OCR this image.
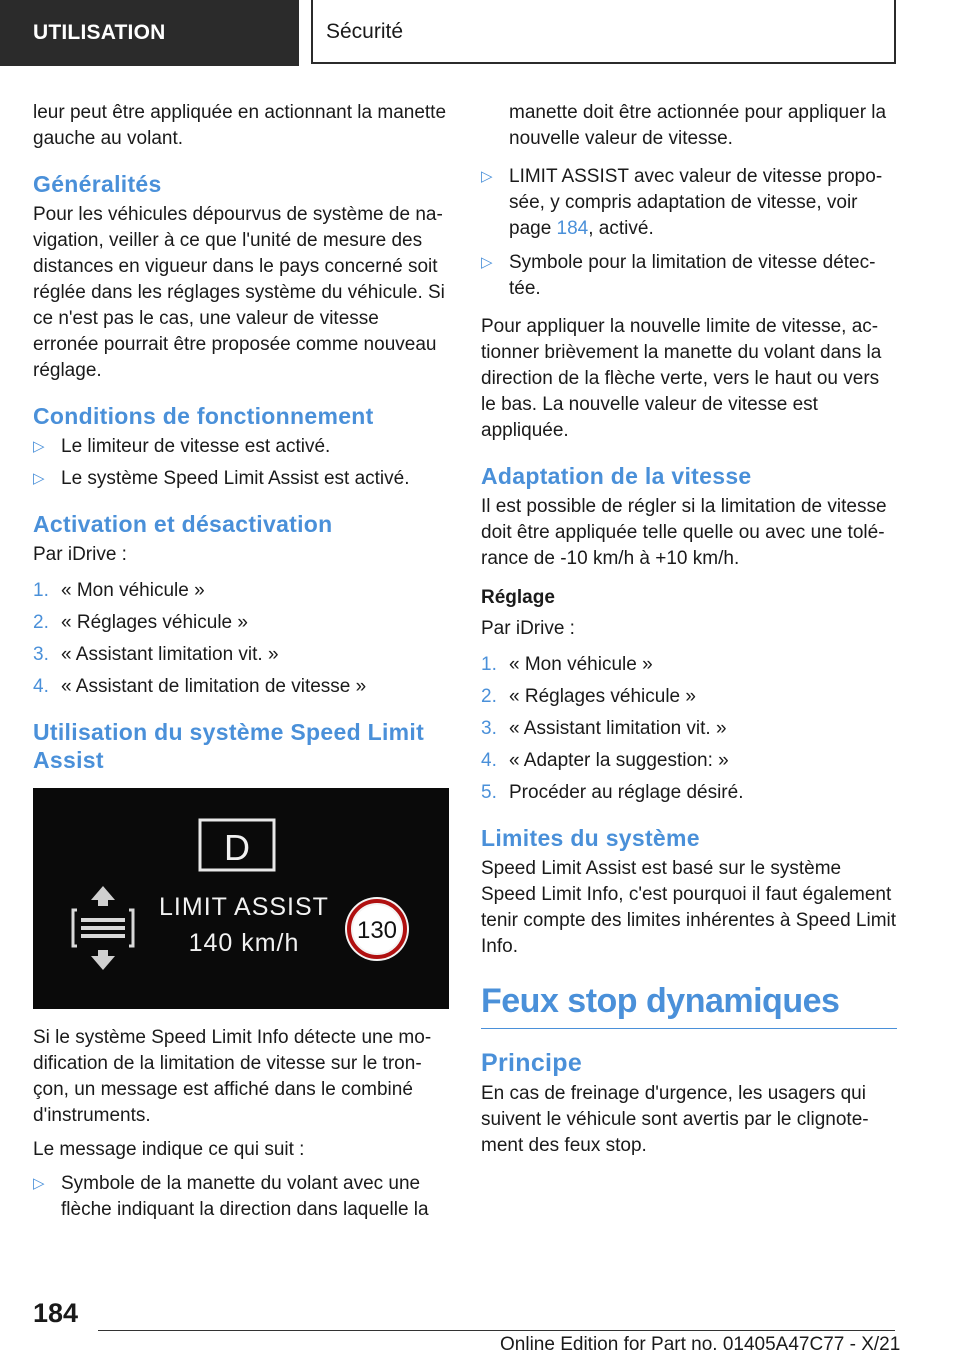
UTILISATION	Sécurité

leur peut être appliquée en actionnant la manette gauche au volant.

Généralités

Pour les véhicules dépourvus de système de navigation, veiller à ce que l'unité de mesure des distances en vigueur dans le pays concerné soit réglée dans les réglages système du véhicule. Si ce n'est pas le cas, une valeur de vitesse erronée pourrait être proposée comme nouveau réglage.

Conditions de fonctionnement
▷ Le limiteur de vitesse est activé.
▷ Le système Speed Limit Assist est activé.
Activation et désactivation

Par iDrive :

1. « Mon véhicule »
2. « Réglages véhicule »
3. « Assistant limitation vit. »
4. « Assistant de limitation de vitesse »
Utilisation du système Speed Limit Assist
D
LIMIT ASSIST
140 km/h 130

Si le système Speed Limit Info détecte une modification de la limitation de vitesse sur le tronçon, un message est affiché dans le combiné d'instruments.

Le message indique ce qui suit :

▷ Symbole de la manette du volant avec une flèche indiquant la direction dans laquelle la
manette doit être actionnée pour appliquer la nouvelle valeur de vitesse.
▷ LIMIT ASSIST avec valeur de vitesse proposée, y compris adaptation de vitesse, voir page 184, activé.
▷ Symbole pour la limitation de vitesse détectée.

Pour appliquer la nouvelle limite de vitesse, actionner brièvement la manette du volant dans la direction de la flèche verte, vers le haut ou vers le bas. La nouvelle valeur de vitesse est appliquée.

Adaptation de la vitesse

Il est possible de régler si la limitation de vitesse doit être appliquée telle quelle ou avec une tolérance de -10 km/h à +10 km/h.

Réglage

Par iDrive :

1. « Mon véhicule »
2. « Réglages véhicule »
3. « Assistant limitation vit. »
4. « Adapter la suggestion: »
5. Procéder au réglage désiré.
Limites du système

Speed Limit Assist est basé sur le système Speed Limit Info, c'est pourquoi il faut également tenir compte des limites inhérentes à Speed Limit Info.

Feux stop dynamiques
Principe

En cas de freinage d'urgence, les usagers qui suivent le véhicule sont avertis par le clignotement des feux stop.

184
Online Edition for Part no. 01405A47C77 - X/21
